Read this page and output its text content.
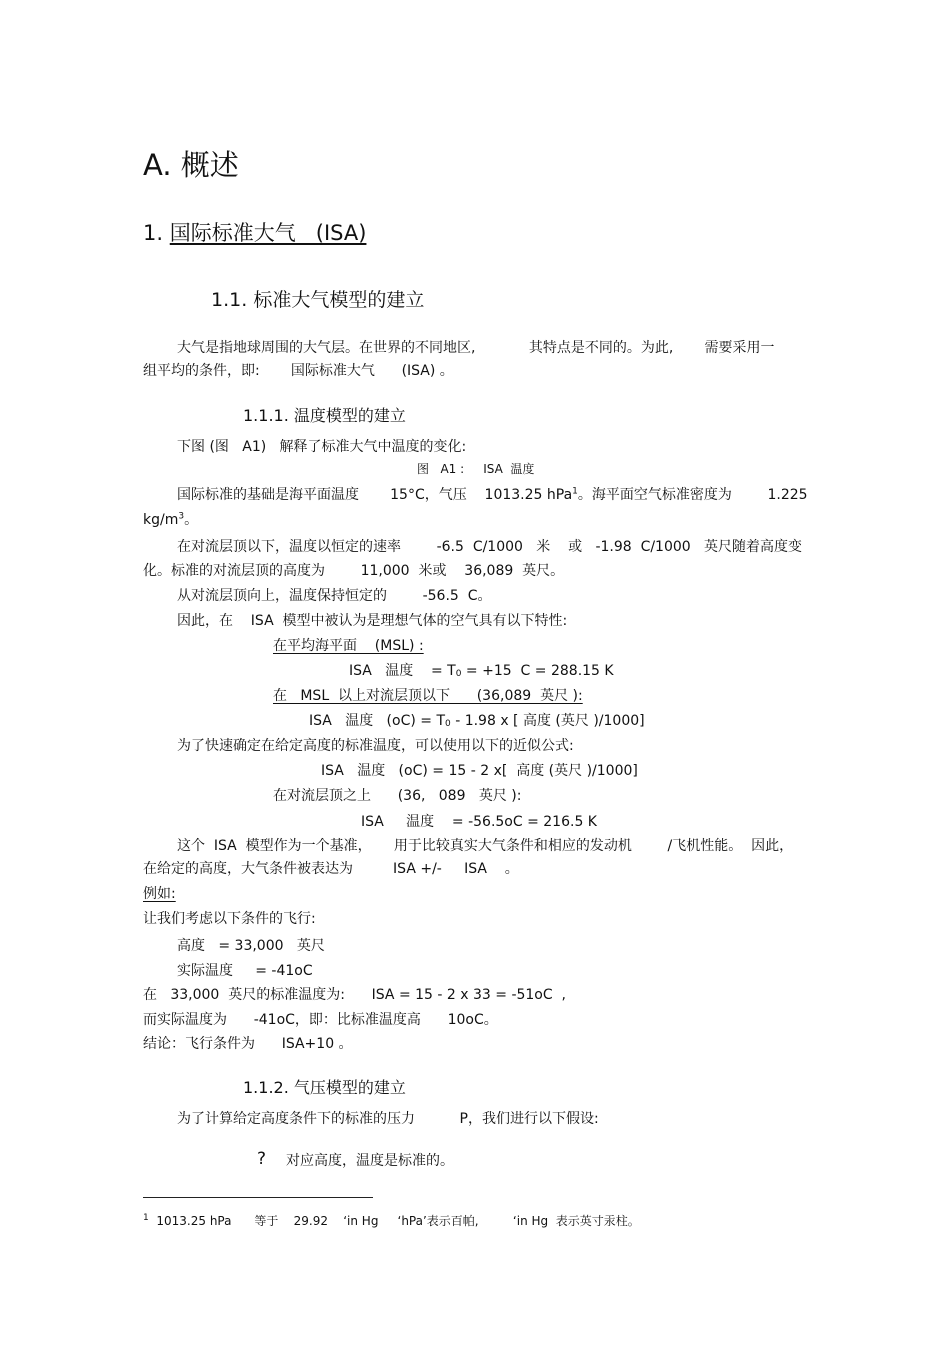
A. 概述
1. 国际标准大气   (ISA)
1.1. 标准大气模型的建立
大气是指地球周围的大气层。在世界的不同地区,            其特点是不同的。为此,       需要采用一
组平均的条件，即:       国际标准大气      (ISA) 。
1.1.1. 温度模型的建立
下图 (图   A1)   解释了标准大气中温度的变化:
图   A1 :     ISA  温度
国际标准的基础是海平面温度       15°C，气压    1013.25 hPa$^1$。海平面空气标准密度为        1.225
$kg/m^3$。
在对流层顶以下，温度以恒定的速率        -6.5  C/1000   米    或   -1.98  C/1000   英尺随着高度变
化。标准的对流层顶的高度为        11,000  米或    36,089  英尺。
从对流层顶向上，温度保持恒定的        -56.5  C。
因此，在    ISA  模型中被认为是理想气体的空气具有以下特性:
在平均海平面    (MSL) :
ISA   温度    = $T_0 = +15$  C = 288.15 K
在   MSL  以上对流层顶以下      (36,089  英尺 ):
ISA   温度   $(oC) = T_0 - 1.98$ x [ 高度 (英尺 )/1000]
为了快速确定在给定高度的标准温度，可以使用以下的近似公式:
ISA   温度   (oC) = 15 - 2 x[  高度 (英尺 )/1000]
在对流层顶之上      (36,   089   英尺 ):
ISA     温度    = -56.5oC = 216.5 K
这个  ISA  模型作为一个基准，     用于比较真实大气条件和相应的发动机        /飞机性能。  因此，
在给定的高度，大气条件被表达为         ISA +/-     ISA    。
例如:
让我们考虑以下条件的飞行:
高度   = 33,000   英尺
实际温度     = -41oC
在   33,000  英尺的标准温度为:      ISA = 15 - 2 x 33 = -51oC  ,
而实际温度为      -41oC，即：比标准温度高      10oC。
结论：飞行条件为      ISA+10 。
1.1.2. 气压模型的建立
为了计算给定高度条件下的标准的压力          P，我们进行以下假设:
? 对应高度，温度是标准的。
$^1$ 1013.25 hPa      等于    29.92    ‘in Hg     ‘hPa’表示百帕,         ‘in Hg  表示英寸汞柱。
